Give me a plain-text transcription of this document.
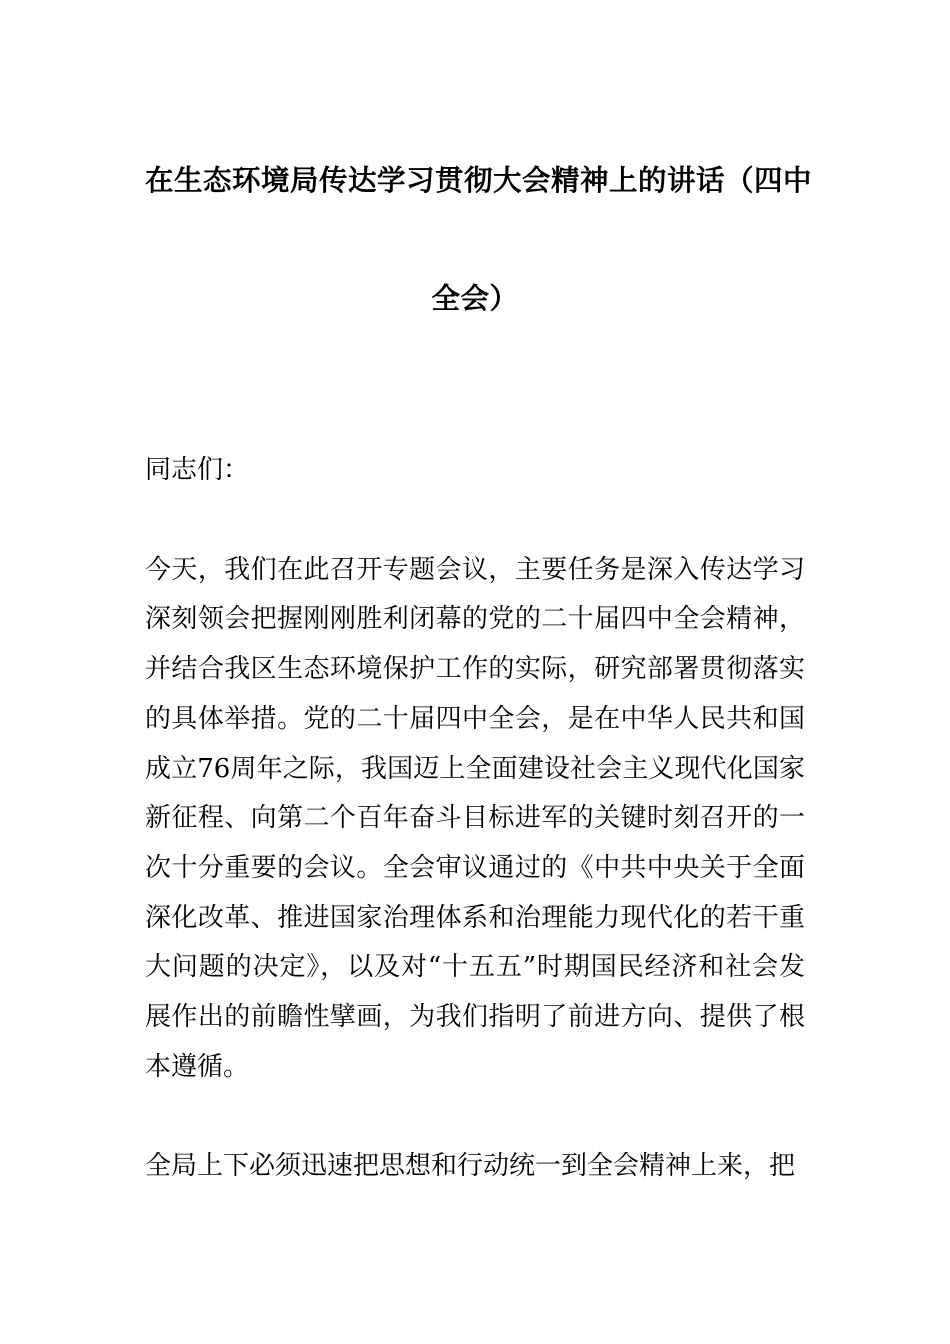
在生态环境局传达学习贯彻大会精神上的讲话（四中
全会）

同志们：

今天，我们在此召开专题会议，主要任务是深入传达学习深刻领会把握刚刚胜利闭幕的党的二十届四中全会精神，并结合我区生态环境保护工作的实际，研究部署贯彻落实的具体举措。党的二十届四中全会，是在中华人民共和国成立76周年之际，我国迈上全面建设社会主义现代化国家新征程、向第二个百年奋斗目标进军的关键时刻召开的一次十分重要的会议。全会审议通过的《中共中央关于全面深化改革、推进国家治理体系和治理能力现代化的若干重大问题的决定》，以及对“十五五”时期国民经济和社会发展作出的前瞻性擘画，为我们指明了前进方向、提供了根本遵循。

全局上下必须迅速把思想和行动统一到全会精神上来，把
